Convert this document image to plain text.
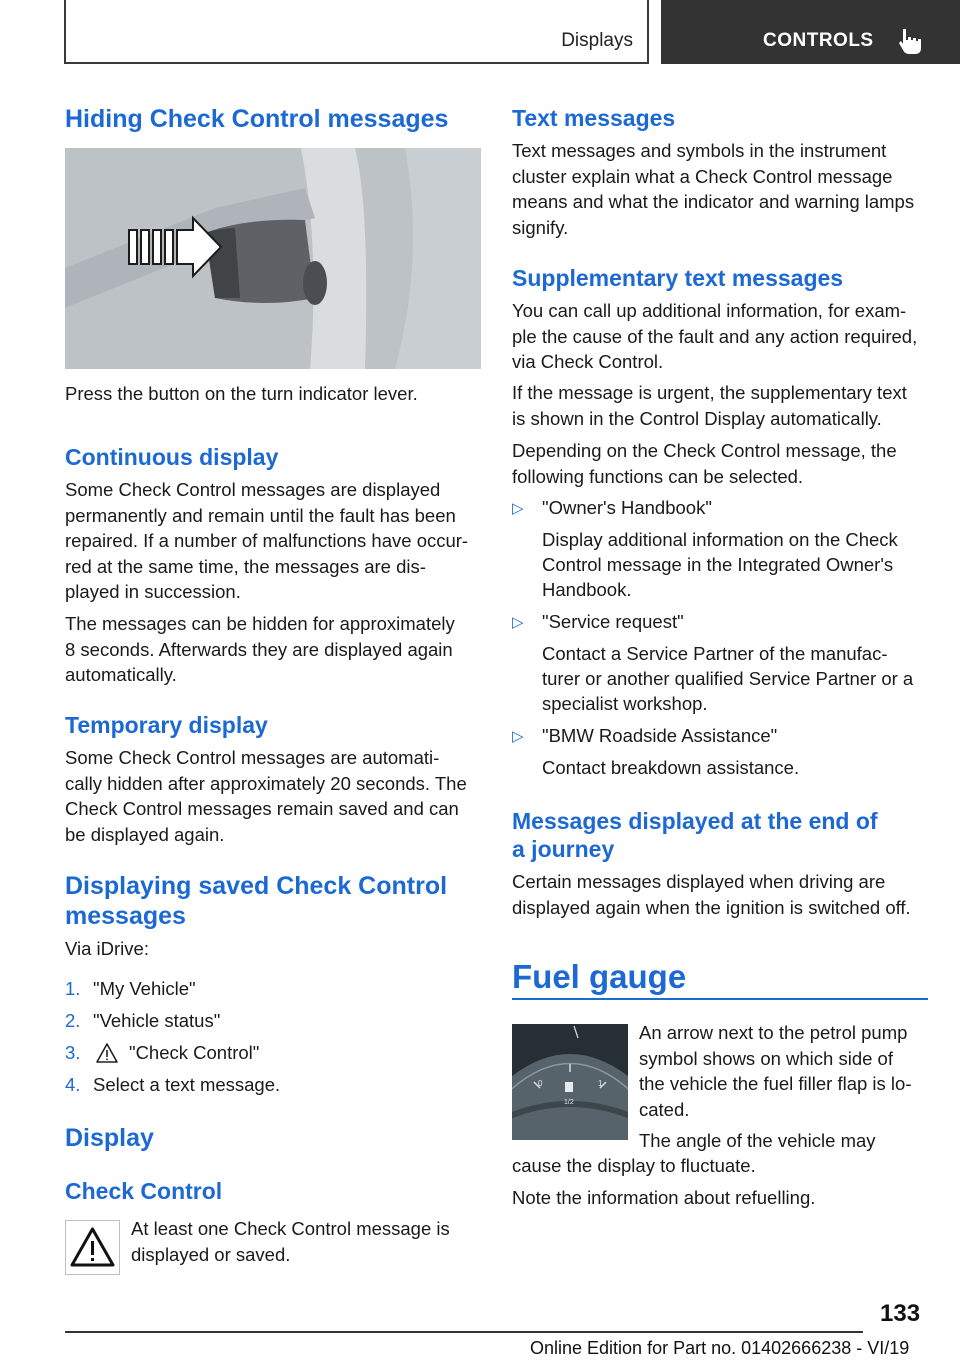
Displays	CONTROLS
Hiding Check Control messages

Press the button on the turn indicator lever.

Continuous display

Some Check Control messages are displayed

permanently and remain until the fault has been

repaired. If a number of malfunctions have occur‐

red at the same time, the messages are dis‐

played in succession.

The messages can be hidden for approximately

8 seconds. Afterwards they are displayed again

automatically.

Temporary display

Some Check Control messages are automati‐

cally hidden after approximately 20 seconds. The

Check Control messages remain saved and can

be displayed again.

Displaying saved Check Control
messages

Via iDrive:

1. "My Vehicle"
2. "Vehicle status"
3.	"Check Control"
4. Select a text message.
Display
Check Control

At least one Check Control message is

displayed or saved.

Text messages

Text messages and symbols in the instrument

cluster explain what a Check Control message

means and what the indicator and warning lamps

signify.

Supplementary text messages

You can call up additional information, for exam‐

ple the cause of the fault and any action required,

via Check Control.

If the message is urgent, the supplementary text

is shown in the Control Display automatically.

Depending on the Check Control message, the

following functions can be selected.

▷ "Owner's Handbook"
Display additional information on the Check
Control message in the Integrated Owner's
Handbook.
▷ "Service request"
Contact a Service Partner of the manufac‐
turer or another qualified Service Partner or a
specialist workshop.
▷ "BMW Roadside Assistance"
Contact breakdown assistance.
Messages displayed at the end of
a journey

Certain messages displayed when driving are

displayed again when the ignition is switched off.

Fuel gauge
0
1/2
1

An arrow next to the petrol pump

symbol shows on which side of

the vehicle the fuel filler flap is lo‐

cated.

The angle of the vehicle may

cause the display to fluctuate.

Note the information about refuelling.

133
Online Edition for Part no. 01402666238 - VI/19
